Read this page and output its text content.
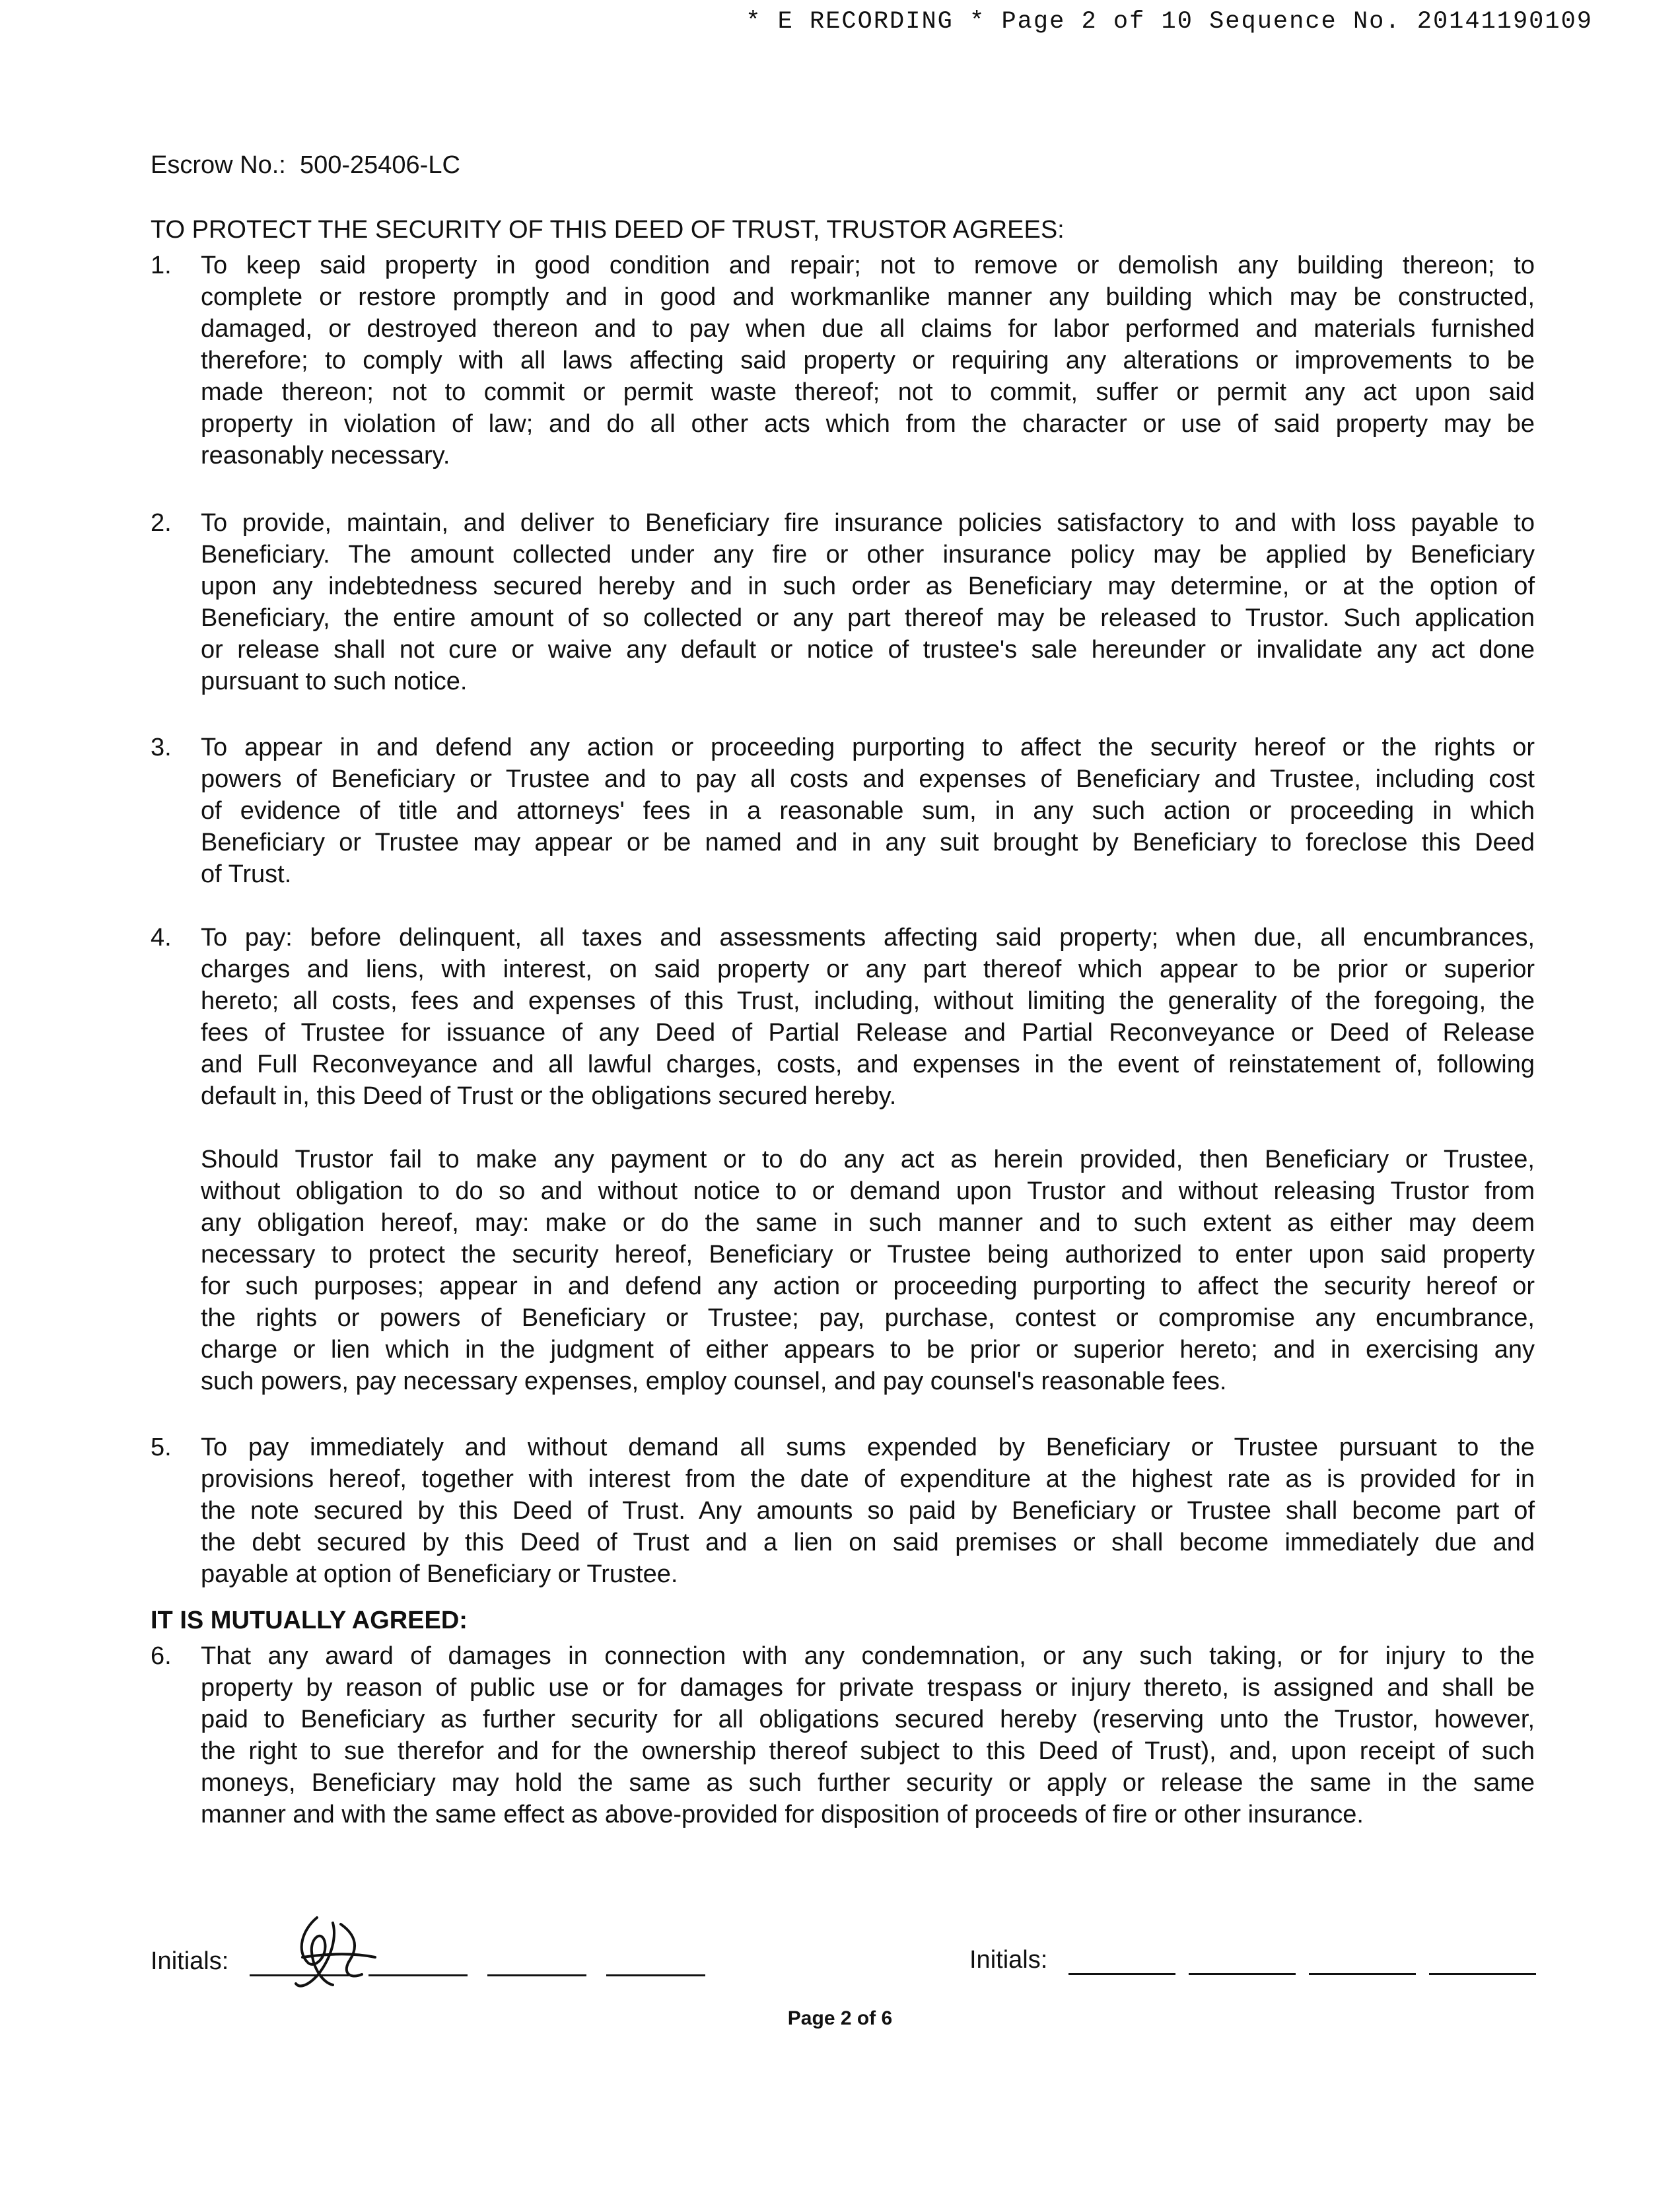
* E RECORDING * Page 2 of 10 Sequence No. 20141190109
Escrow No.: 500-25406-LC
TO PROTECT THE SECURITY OF THIS DEED OF TRUST, TRUSTOR AGREES:
1. To keep said property in good condition and repair; not to remove or demolish any building thereon; to
complete or restore promptly and in good and workmanlike manner any building which may be constructed,
damaged, or destroyed thereon and to pay when due all claims for labor performed and materials furnished
therefore; to comply with all laws affecting said property or requiring any alterations or improvements to be
made thereon; not to commit or permit waste thereof; not to commit, suffer or permit any act upon said
property in violation of law; and do all other acts which from the character or use of said property may be
reasonably necessary.
2. To provide, maintain, and deliver to Beneficiary fire insurance policies satisfactory to and with loss payable to
Beneficiary. The amount collected under any fire or other insurance policy may be applied by Beneficiary
upon any indebtedness secured hereby and in such order as Beneficiary may determine, or at the option of
Beneficiary, the entire amount of so collected or any part thereof may be released to Trustor. Such application
or release shall not cure or waive any default or notice of trustee's sale hereunder or invalidate any act done
pursuant to such notice.
3. To appear in and defend any action or proceeding purporting to affect the security hereof or the rights or
powers of Beneficiary or Trustee and to pay all costs and expenses of Beneficiary and Trustee, including cost
of evidence of title and attorneys' fees in a reasonable sum, in any such action or proceeding in which
Beneficiary or Trustee may appear or be named and in any suit brought by Beneficiary to foreclose this Deed
of Trust.
4. To pay: before delinquent, all taxes and assessments affecting said property; when due, all encumbrances,
charges and liens, with interest, on said property or any part thereof which appear to be prior or superior
hereto; all costs, fees and expenses of this Trust, including, without limiting the generality of the foregoing, the
fees of Trustee for issuance of any Deed of Partial Release and Partial Reconveyance or Deed of Release
and Full Reconveyance and all lawful charges, costs, and expenses in the event of reinstatement of, following
default in, this Deed of Trust or the obligations secured hereby.
Should Trustor fail to make any payment or to do any act as herein provided, then Beneficiary or Trustee,
without obligation to do so and without notice to or demand upon Trustor and without releasing Trustor from
any obligation hereof, may: make or do the same in such manner and to such extent as either may deem
necessary to protect the security hereof, Beneficiary or Trustee being authorized to enter upon said property
for such purposes; appear in and defend any action or proceeding purporting to affect the security hereof or
the rights or powers of Beneficiary or Trustee; pay, purchase, contest or compromise any encumbrance,
charge or lien which in the judgment of either appears to be prior or superior hereto; and in exercising any
such powers, pay necessary expenses, employ counsel, and pay counsel's reasonable fees.
5. To pay immediately and without demand all sums expended by Beneficiary or Trustee pursuant to the
provisions hereof, together with interest from the date of expenditure at the highest rate as is provided for in
the note secured by this Deed of Trust. Any amounts so paid by Beneficiary or Trustee shall become part of
the debt secured by this Deed of Trust and a lien on said premises or shall become immediately due and
payable at option of Beneficiary or Trustee.
IT IS MUTUALLY AGREED:
6. That any award of damages in connection with any condemnation, or any such taking, or for injury to the
property by reason of public use or for damages for private trespass or injury thereto, is assigned and shall be
paid to Beneficiary as further security for all obligations secured hereby (reserving unto the Trustor, however,
the right to sue therefor and for the ownership thereof subject to this Deed of Trust), and, upon receipt of such
moneys, Beneficiary may hold the same as such further security or apply or release the same in the same
manner and with the same effect as above-provided for disposition of proceeds of fire or other insurance.
Initials:	Initials:
Page 2 of 6
